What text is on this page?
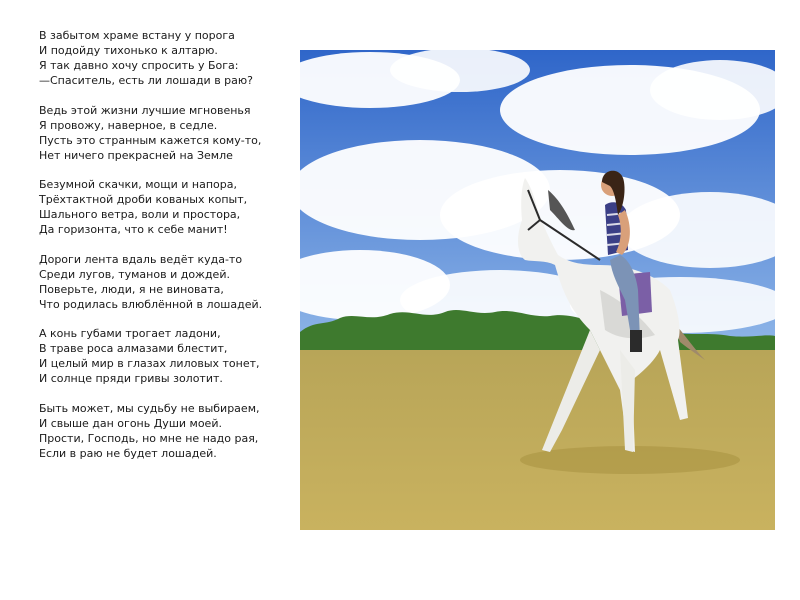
В забытом храме встану у порога
И подойду тихонько к алтарю.
Я так давно хочу спросить у Бога:
—Спаситель, есть ли лошади в раю?
Ведь этой жизни лучшие мгновенья
Я провожу, наверное, в седле.
Пусть это странным кажется кому-то,
Нет ничего прекрасней на Земле
Безумной скачки, мощи и напора,
Трёхтактной дроби кованых копыт,
Шального ветра, воли и простора,
Да горизонта, что к себе манит!
Дороги лента вдаль ведёт куда-то
Среди лугов, туманов и дождей.
Поверьте, люди, я не виновата,
Что родилась влюблённой в лошадей.
А конь губами трогает ладони,
В траве роса алмазами блестит,
И целый мир в глазах лиловых тонет,
И солнце пряди гривы золотит.
Быть может, мы судьбу не выбираем,
И свыше дан огонь Души моей.
Прости, Господь, но мне не надо рая,
Если в раю не будет лошадей.
